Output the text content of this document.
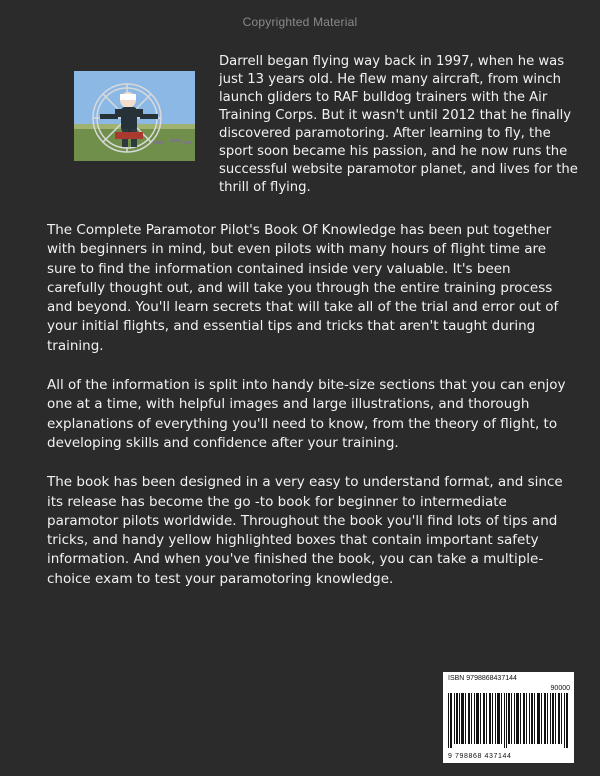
Copyrighted Material

Darrell began flying way back in 1997, when he was just 13 years old. He flew many aircraft, from winch launch gliders to RAF bulldog trainers with the Air Training Corps. But it wasn't until 2012 that he finally discovered paramotoring. After learning to fly, the sport soon became his passion, and he now runs the successful website paramotor planet, and lives for the thrill of flying.

The Complete Paramotor Pilot's Book Of Knowledge has been put together with beginners in mind, but even pilots with many hours of flight time are sure to find the information contained inside very valuable. It's been carefully thought out, and will take you through the entire training process and beyond. You'll learn secrets that will take all of the trial and error out of your initial flights, and essential tips and tricks that aren't taught during training.

All of the information is split into handy bite-size sections that you can enjoy one at a time, with helpful images and large illustrations, and thorough explanations of everything you'll need to know, from the theory of flight, to developing skills and confidence after your training.

The book has been designed in a very easy to understand format, and since its release has become the go -to book for beginner to intermediate paramotor pilots worldwide. Throughout the book you'll find lots of tips and tricks, and handy yellow highlighted boxes that contain important safety information. And when you've finished the book, you can take a multiple-choice exam to test your paramotoring knowledge.

ISBN 9798868437144
90000
9 798868 437144
